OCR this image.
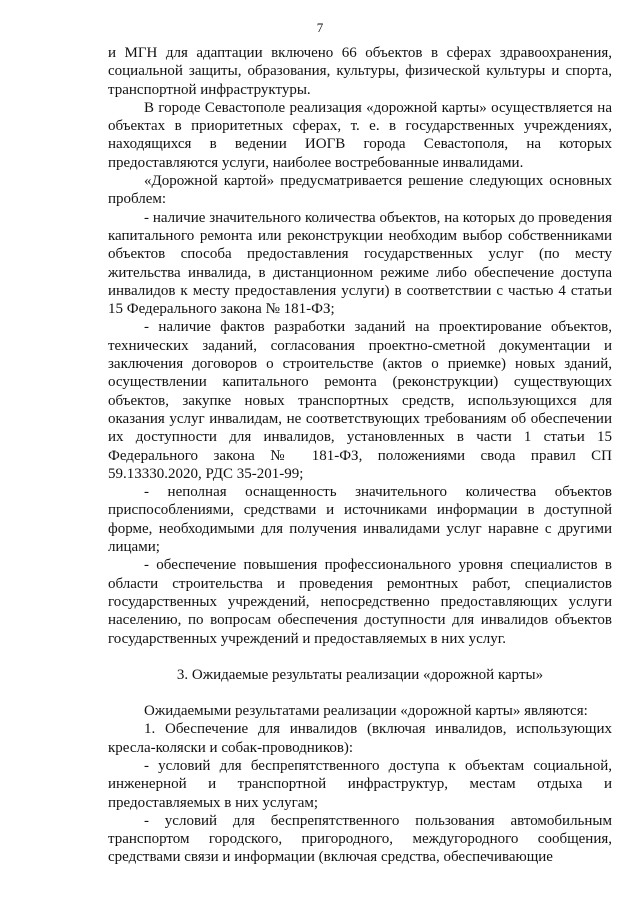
7

и МГН для адаптации включено 66 объектов в сферах здравоохранения, социальной защиты, образования, культуры, физической культуры и спорта, транспортной инфраструктуры.

В городе Севастополе реализация «дорожной карты» осуществляется на объектах в приоритетных сферах, т. е. в государственных учреждениях, находящихся в ведении ИОГВ города Севастополя, на которых предоставляются услуги, наиболее востребованные инвалидами.

«Дорожной картой» предусматривается решение следующих основных проблем:

- наличие значительного количества объектов, на которых до проведения капитального ремонта или реконструкции необходим выбор собственниками объектов способа предоставления государственных услуг (по месту жительства инвалида, в дистанционном режиме либо обеспечение доступа инвалидов к месту предоставления услуги) в соответствии с частью 4 статьи 15 Федерального закона № 181-ФЗ;

- наличие фактов разработки заданий на проектирование объектов, технических заданий, согласования проектно-сметной документации и заключения договоров о строительстве (актов о приемке) новых зданий, осуществлении капитального ремонта (реконструкции) существующих объектов, закупке новых транспортных средств, использующихся для оказания услуг инвалидам, не соответствующих требованиям об обеспечении их доступности для инвалидов, установленных в части 1 статьи 15 Федерального закона № 181-ФЗ, положениями свода правил СП 59.13330.2020, РДС 35-201-99;

- неполная оснащенность значительного количества объектов приспособлениями, средствами и источниками информации в доступной форме, необходимыми для получения инвалидами услуг наравне с другими лицами;

- обеспечение повышения профессионального уровня специалистов в области строительства и проведения ремонтных работ, специалистов государственных учреждений, непосредственно предоставляющих услуги населению, по вопросам обеспечения доступности для инвалидов объектов государственных учреждений и предоставляемых в них услуг.

3. Ожидаемые результаты реализации «дорожной карты»

Ожидаемыми результатами реализации «дорожной карты» являются:

1. Обеспечение для инвалидов (включая инвалидов, использующих кресла-коляски и собак-проводников):

- условий для беспрепятственного доступа к объектам социальной, инженерной и транспортной инфраструктур, местам отдыха и предоставляемых в них услугам;

- условий для беспрепятственного пользования автомобильным транспортом городского, пригородного, междугородного сообщения, средствами связи и информации (включая средства, обеспечивающие
